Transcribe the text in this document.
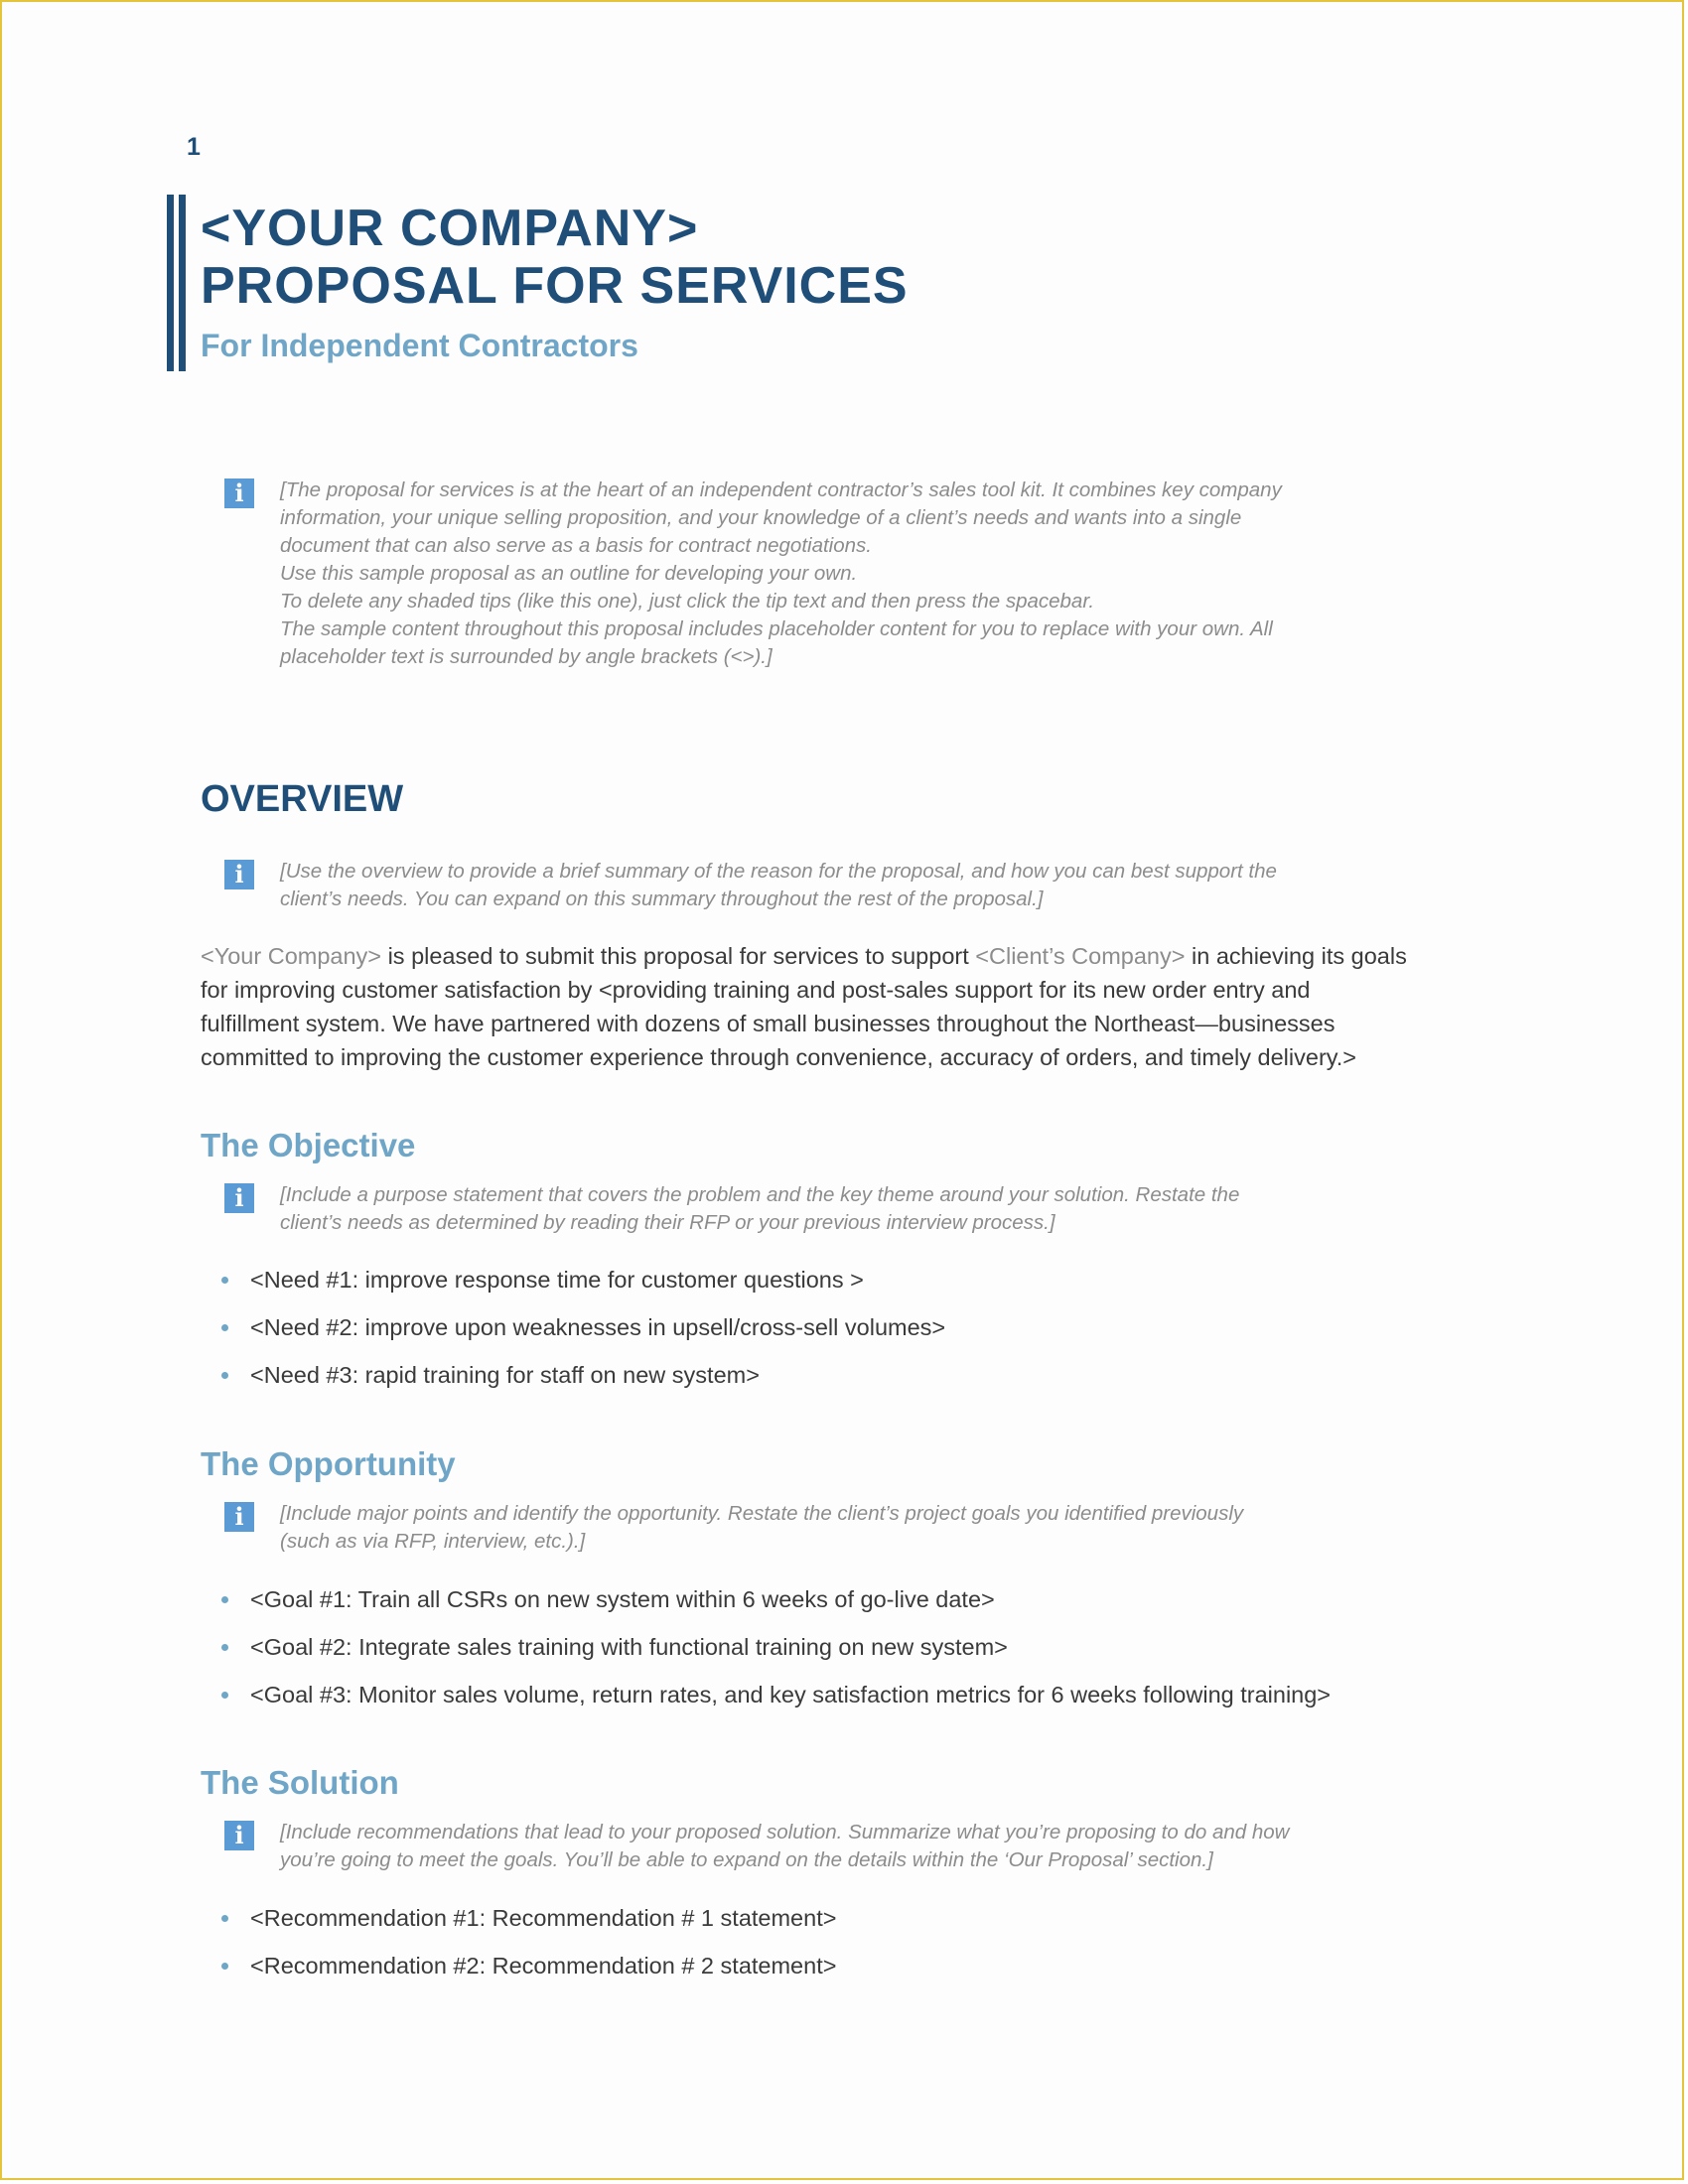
1
<YOUR COMPANY>
PROPOSAL FOR SERVICES
For Independent Contractors
i	[The proposal for services is at the heart of an independent contractor’s sales tool kit. It combines key company
information, your unique selling proposition, and your knowledge of a client’s needs and wants into a single
document that can also serve as a basis for contract negotiations.
Use this sample proposal as an outline for developing your own.
To delete any shaded tips (like this one), just click the tip text and then press the spacebar.
The sample content throughout this proposal includes placeholder content for you to replace with your own. All
placeholder text is surrounded by angle brackets (<>).]
OVERVIEW
i	[Use the overview to provide a brief summary of the reason for the proposal, and how you can best support the
client’s needs. You can expand on this summary throughout the rest of the proposal.]
<Your Company> is pleased to submit this proposal for services to support <Client’s Company> in achieving its goals
for improving customer satisfaction by <providing training and post-sales support for its new order entry and
fulfillment system. We have partnered with dozens of small businesses throughout the Northeast—businesses
committed to improving the customer experience through convenience, accuracy of orders, and timely delivery.>
The Objective
i	[Include a purpose statement that covers the problem and the key theme around your solution. Restate the
client’s needs as determined by reading their RFP or your previous interview process.]
<Need #1: improve response time for customer questions >
<Need #2: improve upon weaknesses in upsell/cross-sell volumes>
<Need #3: rapid training for staff on new system>
The Opportunity
i	[Include major points and identify the opportunity. Restate the client’s project goals you identified previously
(such as via RFP, interview, etc.).]
<Goal #1: Train all CSRs on new system within 6 weeks of go-live date>
<Goal #2: Integrate sales training with functional training on new system>
<Goal #3: Monitor sales volume, return rates, and key satisfaction metrics for 6 weeks following training>
The Solution
i	[Include recommendations that lead to your proposed solution. Summarize what you’re proposing to do and how
you’re going to meet the goals. You’ll be able to expand on the details within the ‘Our Proposal’ section.]
<Recommendation #1: Recommendation # 1 statement>
<Recommendation #2: Recommendation # 2 statement>
